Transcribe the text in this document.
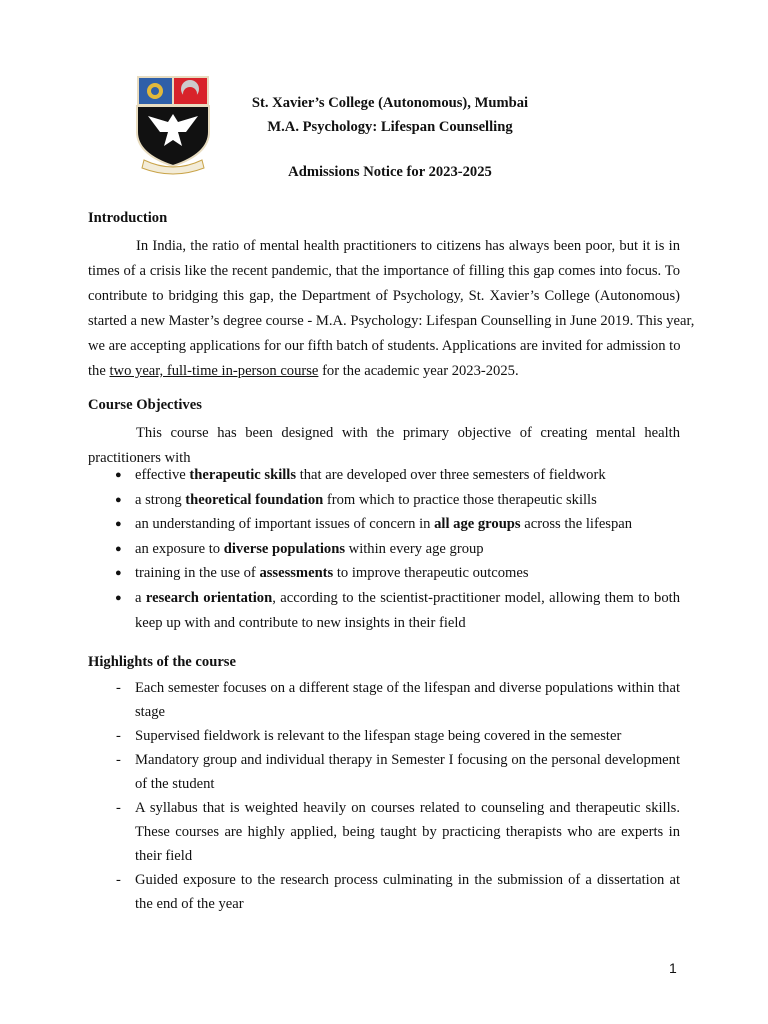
St. Xavier’s College (Autonomous), Mumbai
M.A. Psychology: Lifespan Counselling
Admissions Notice for 2023-2025
Introduction
In India, the ratio of mental health practitioners to citizens has always been poor, but it is in
times of a crisis like the recent pandemic, that the importance of filling this gap comes into focus. To
contribute to bridging this gap, the Department of Psychology, St. Xavier’s College (Autonomous)
started a new Master’s degree course - M.A. Psychology: Lifespan Counselling in June 2019. This year,
we are accepting applications for our fifth batch of students. Applications are invited for admission to
the two year, full-time in-person course for the academic year 2023-2025.
Course Objectives
This course has been designed with the primary objective of creating mental health
practitioners with
● effective therapeutic skills that are developed over three semesters of fieldwork
● a strong theoretical foundation from which to practice those therapeutic skills
● an understanding of important issues of concern in all age groups across the lifespan
● an exposure to diverse populations within every age group
● training in the use of assessments to improve therapeutic outcomes
● a research orientation, according to the scientist-practitioner model, allowing them to both keep up with and contribute to new insights in their field
Highlights of the course
- Each semester focuses on a different stage of the lifespan and diverse populations within that stage
- Supervised fieldwork is relevant to the lifespan stage being covered in the semester
- Mandatory group and individual therapy in Semester I focusing on the personal development of the student
- A syllabus that is weighted heavily on courses related to counseling and therapeutic skills. These courses are highly applied, being taught by practicing therapists who are experts in their field
- Guided exposure to the research process culminating in the submission of a dissertation at the end of the year
1
